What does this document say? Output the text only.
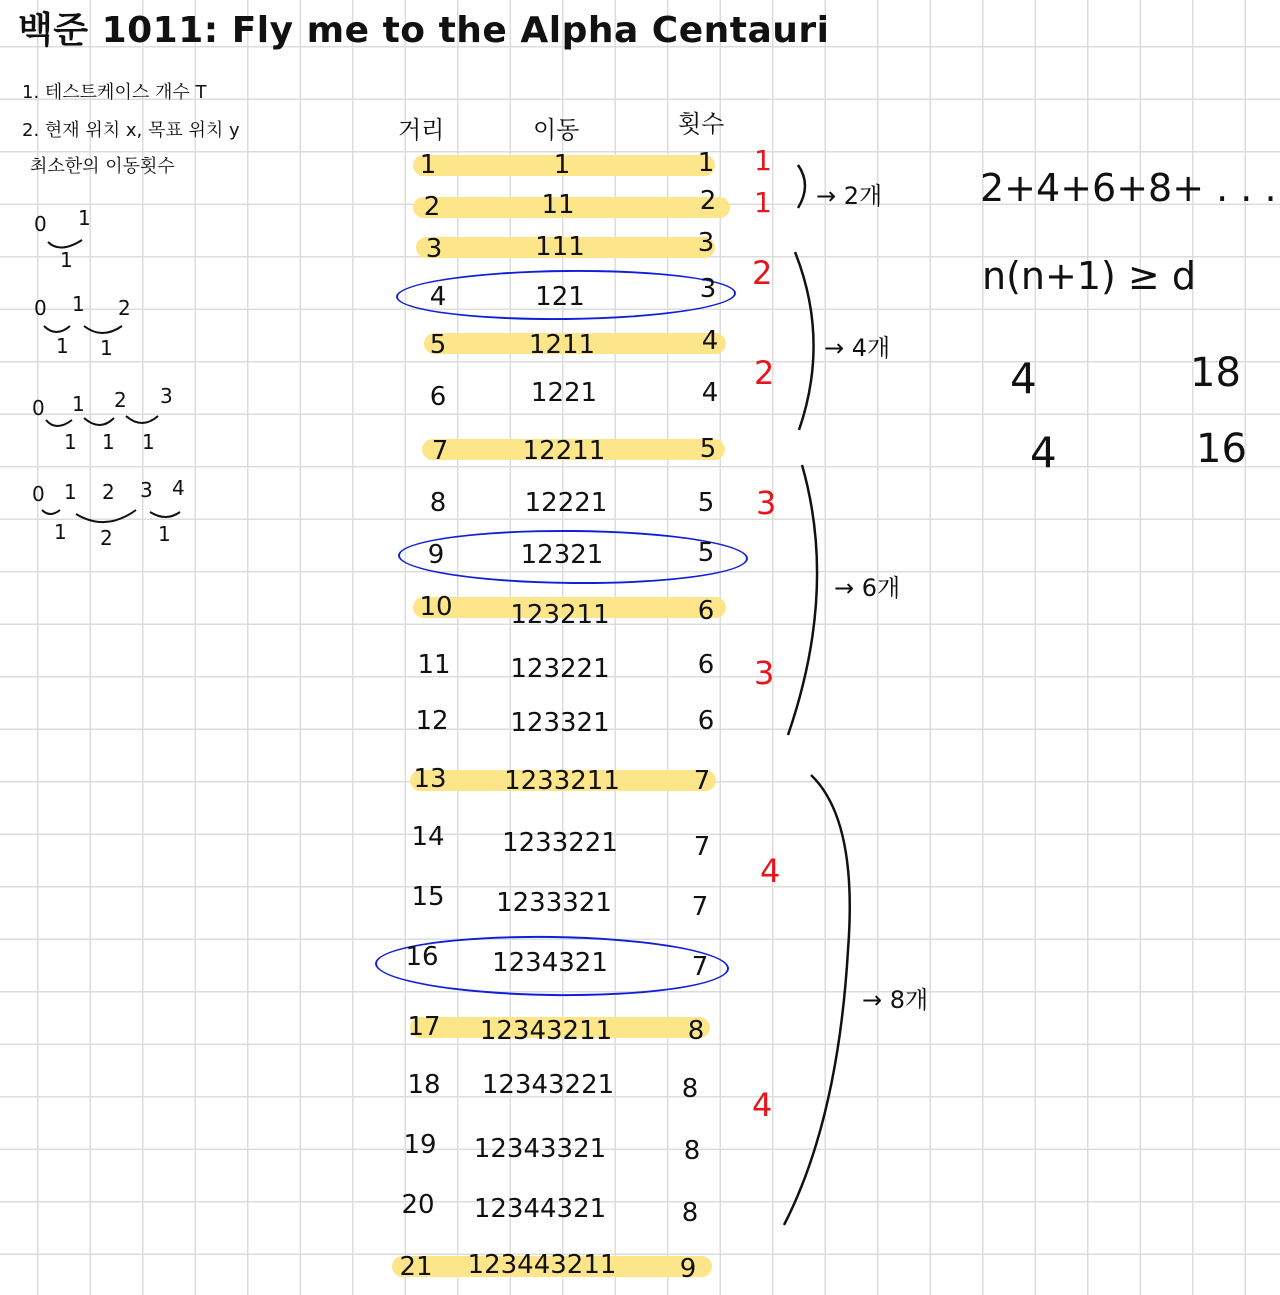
백준 1011: Fly me to the Alpha Centauri
1. 테스트케이스 개수 T
2. 현재 위치 x, 목표 위치 y
최소한의 이동횟수
0 1
1
0 1 2
1 1
0 1 2 3
1 1 1
0 1 2 3 4
1 2 1
거리	이동	횟수
1	1	1
2	11	2
3	111	3
4	121	3
5	1211	4
6	1221	4
7	12211	5
8	12221	5
9	12321	5
10	123211	6
11	123221	6
12	123321	6
13	1233211	7
14	1233221	7
15	1233321	7
16	1234321	7
17	12343211	8
18	12343221	8
19	12343321	8
20	12344321	8
21	123443211	9
1
1
2
2
3
3
4
4
→ 2개
→ 4개
→ 6개
→ 8개
2+4+6+8+ . . .
n(n+1) ≥ d
4	18
4	16
